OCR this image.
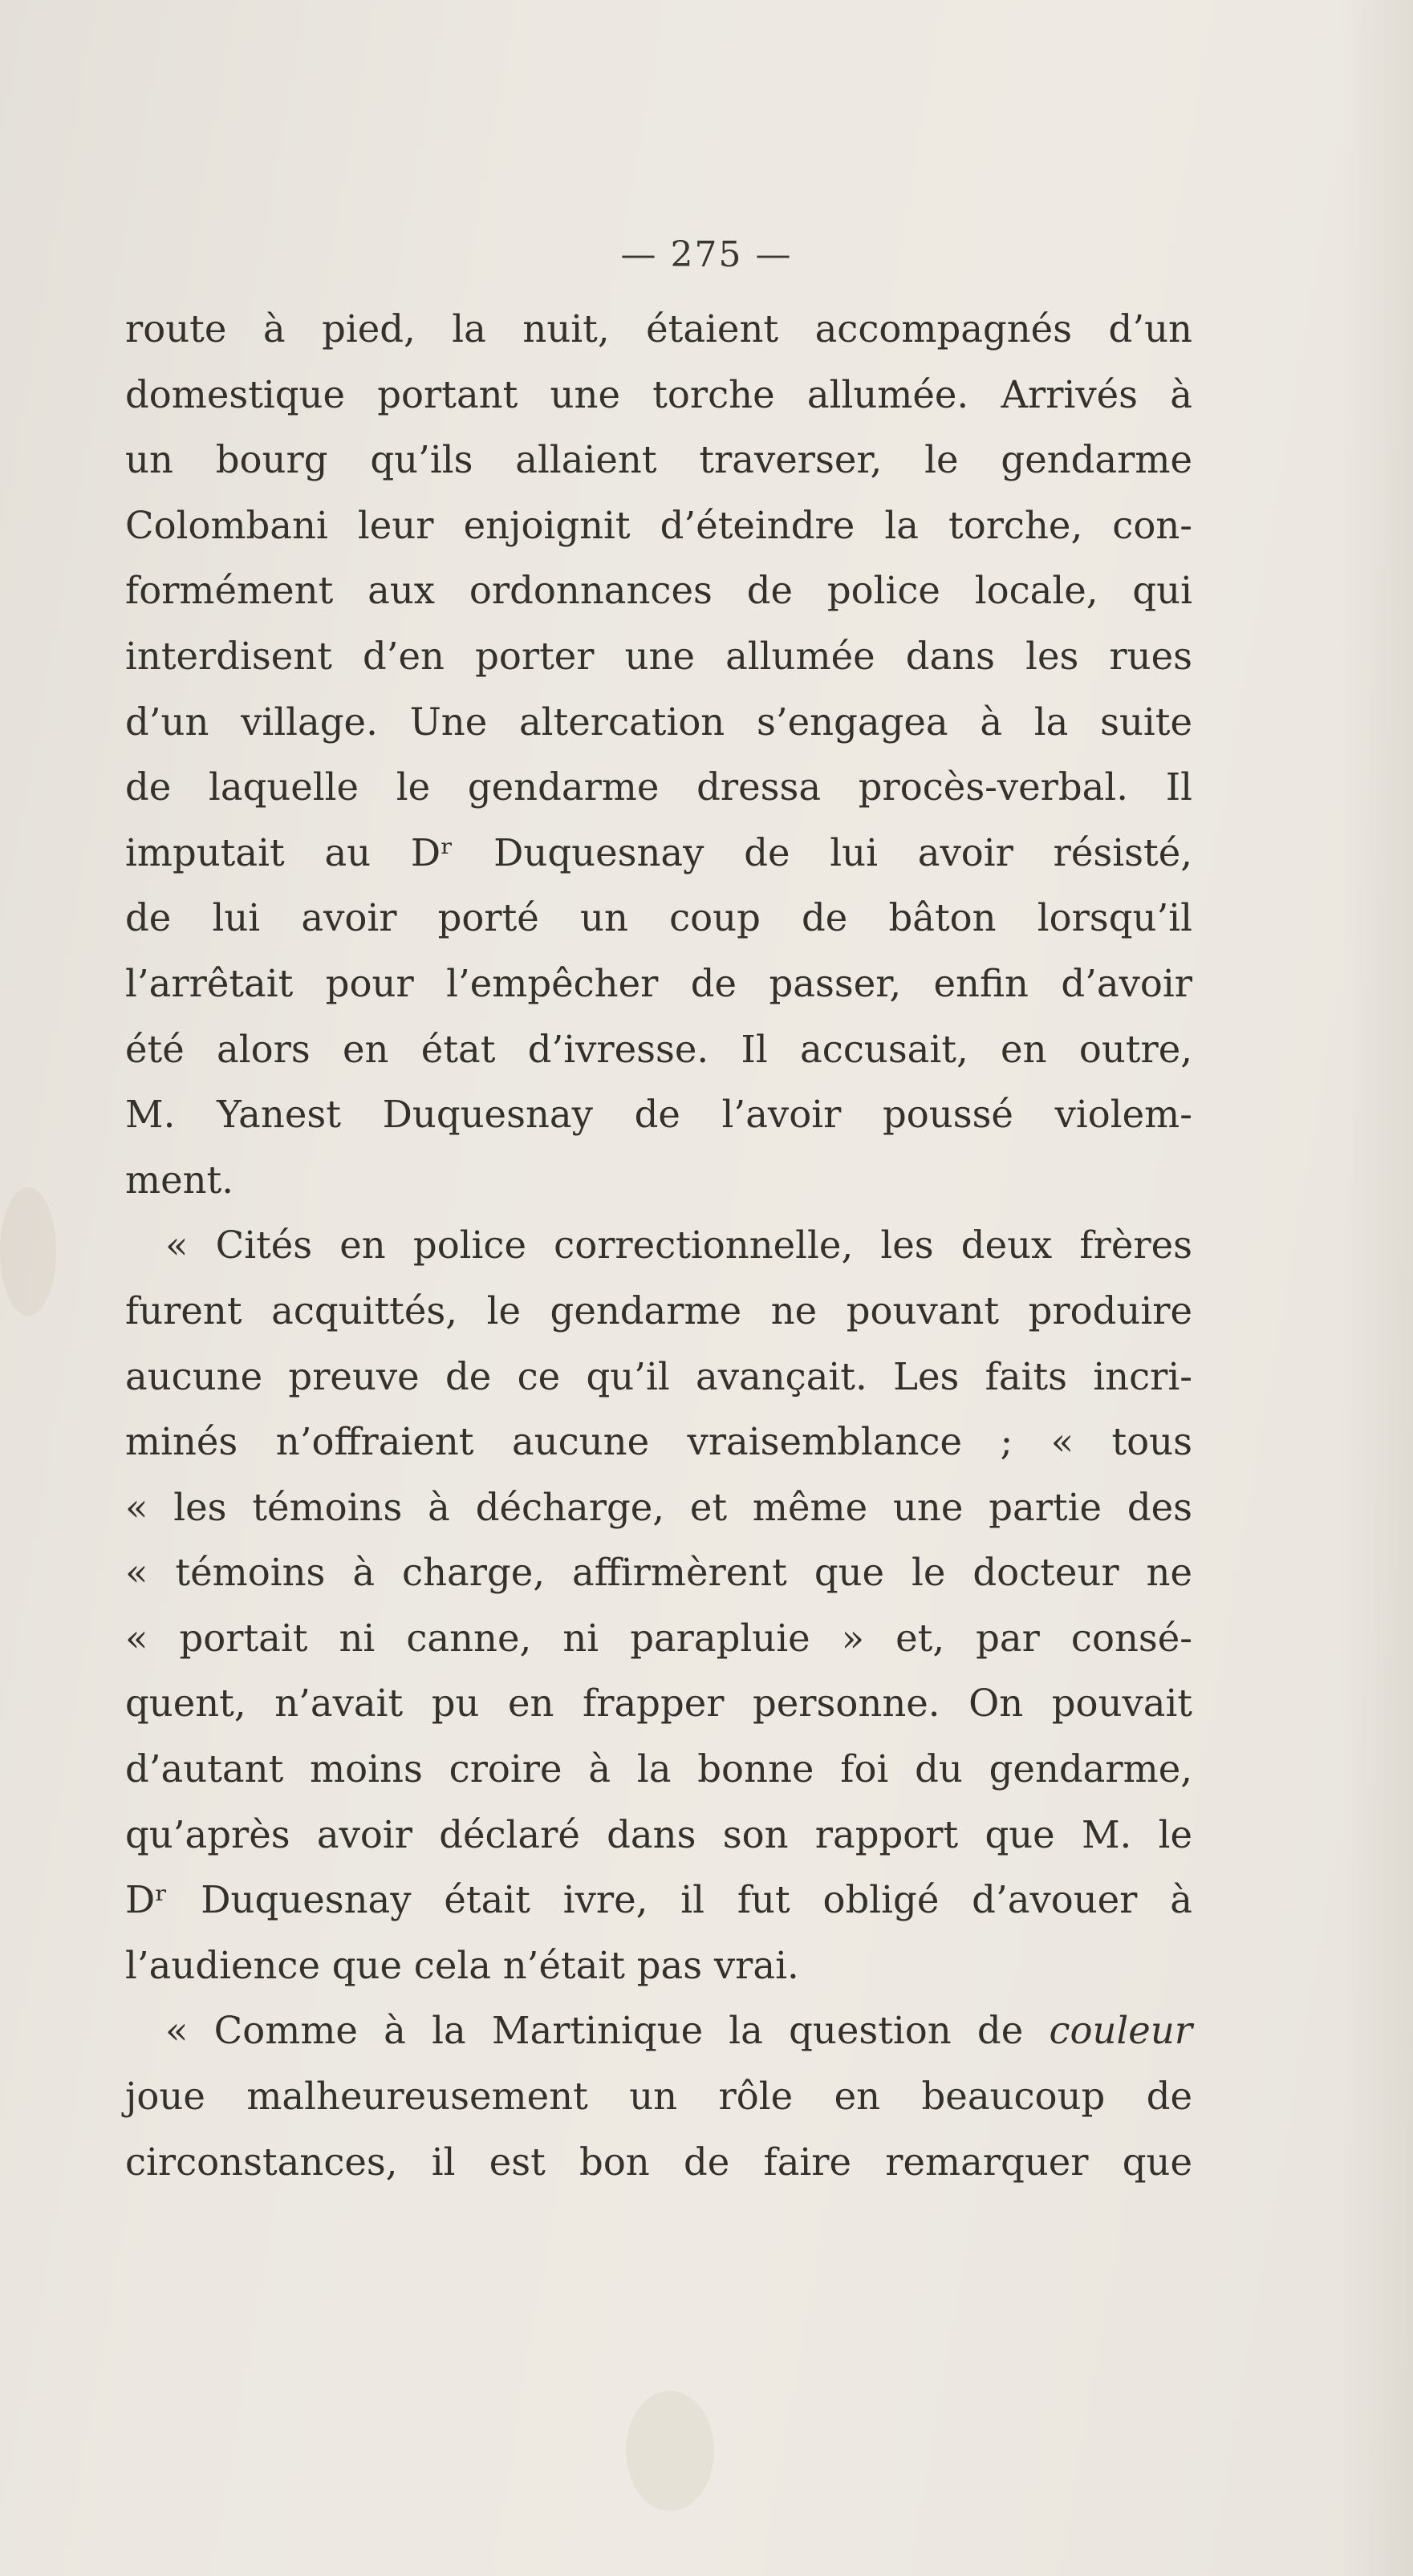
— 275 —
route à pied, la nuit, étaient accompagnés d’un
domestique portant une torche allumée. Arrivés à
un bourg qu’ils allaient traverser, le gendarme
Colombani leur enjoignit d’éteindre la torche, con-
formément aux ordonnances de police locale, qui
interdisent d’en porter une allumée dans les rues
d’un village. Une altercation s’engagea à la suite
de laquelle le gendarme dressa procès-verbal. Il
imputait au Dʳ Duquesnay de lui avoir résisté,
de lui avoir porté un coup de bâton lorsqu’il
l’arrêtait pour l’empêcher de passer, enfin d’avoir
été alors en état d’ivresse. Il accusait, en outre,
M. Yanest Duquesnay de l’avoir poussé violem-
ment.
« Cités en police correctionnelle, les deux frères
furent acquittés, le gendarme ne pouvant produire
aucune preuve de ce qu’il avançait. Les faits incri-
minés n’offraient aucune vraisemblance ; « tous
« les témoins à décharge, et même une partie des
« témoins à charge, affirmèrent que le docteur ne
« portait ni canne, ni parapluie » et, par consé-
quent, n’avait pu en frapper personne. On pouvait
d’autant moins croire à la bonne foi du gendarme,
qu’après avoir déclaré dans son rapport que M. le
Dʳ Duquesnay était ivre, il fut obligé d’avouer à
l’audience que cela n’était pas vrai.
« Comme à la Martinique la question de couleur
joue malheureusement un rôle en beaucoup de
circonstances, il est bon de faire remarquer que
